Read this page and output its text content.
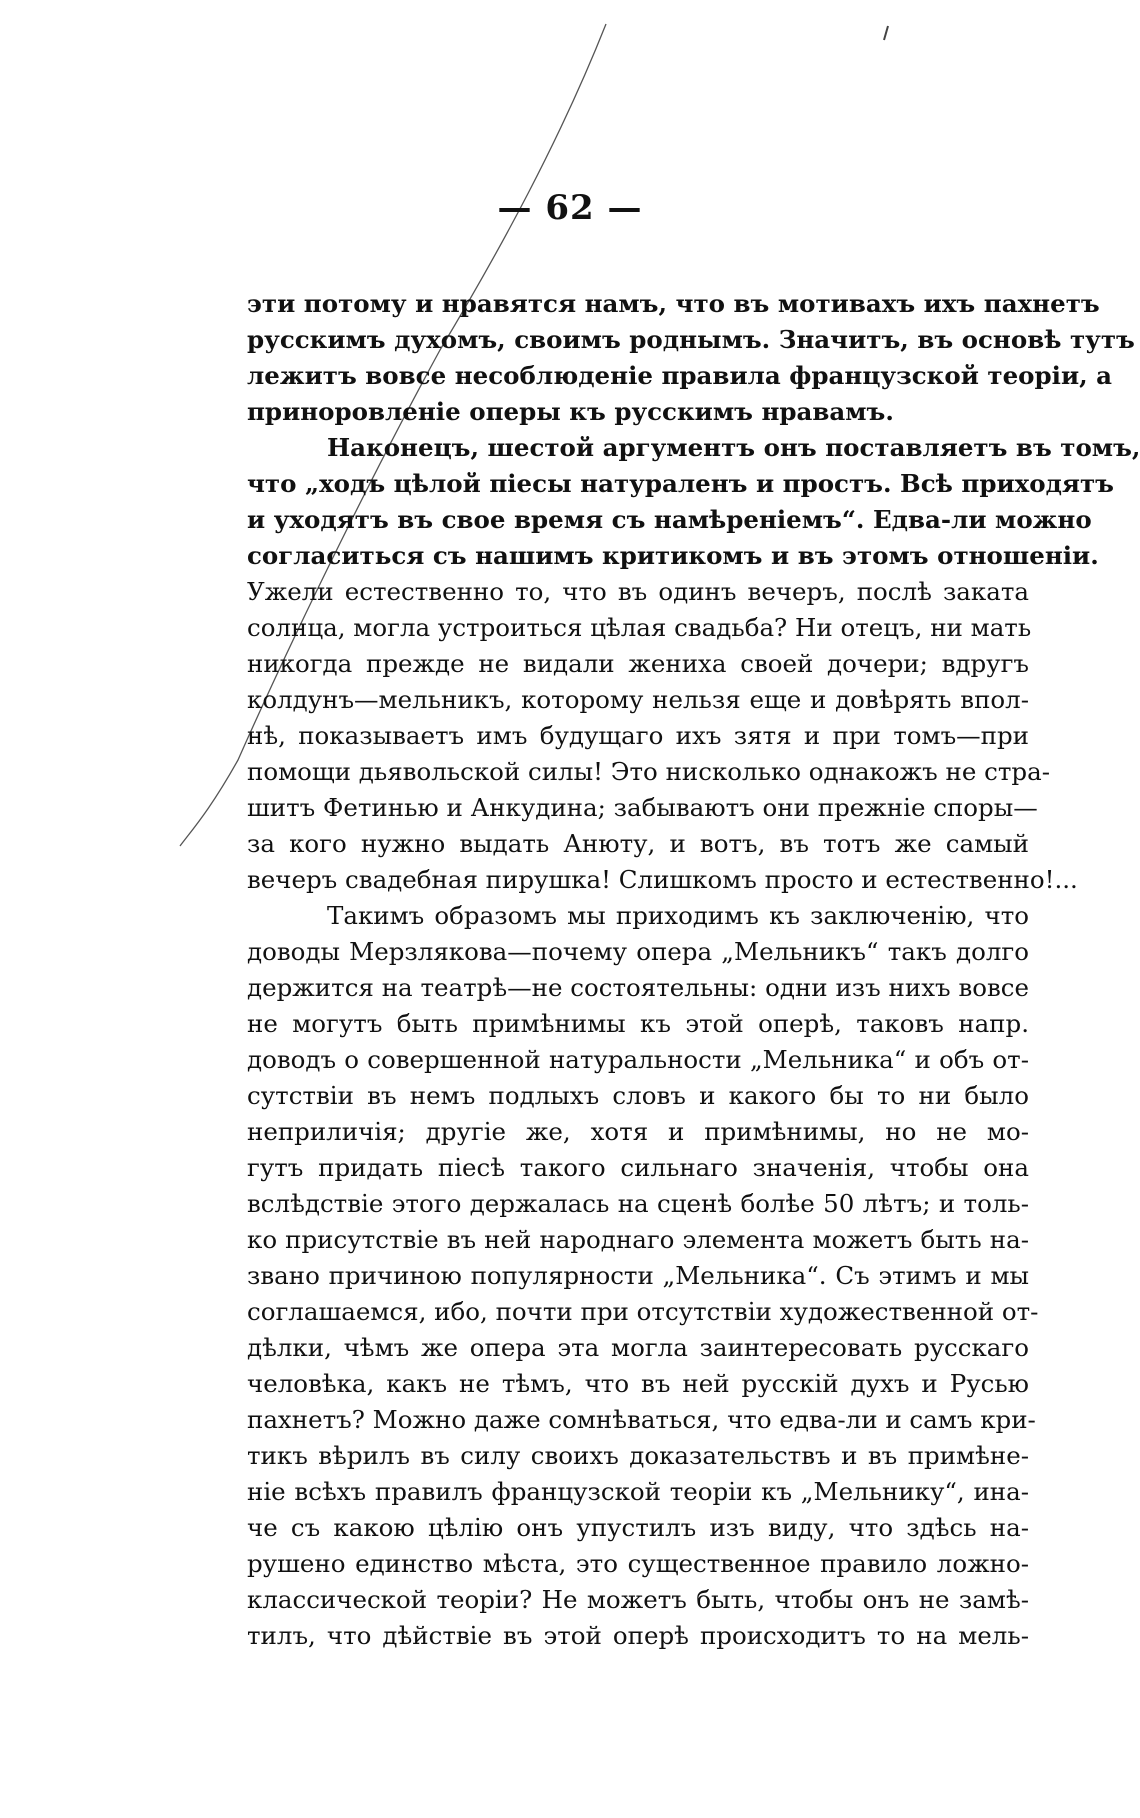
— 62 —
эти потому и нравятся намъ, что въ мотивахъ ихъ пахнетъ
русскимъ духомъ, своимъ роднымъ. Значитъ, въ основѣ тутъ
лежитъ вовсе несоблюденіе правила французской теоріи, а
приноровленіе оперы къ русскимъ нравамъ.
Наконецъ, шестой аргументъ онъ поставляетъ въ томъ,
что „ходъ цѣлой піесы натураленъ и простъ. Всѣ приходятъ
и уходятъ въ свое время съ намѣреніемъ“. Едва-ли можно
согласиться съ нашимъ критикомъ и въ этомъ отношеніи.
Ужели естественно то, что въ одинъ вечеръ, послѣ заката
солнца, могла устроиться цѣлая свадьба? Ни отецъ, ни мать
никогда прежде не видали жениха своей дочери; вдругъ
колдунъ—мельникъ, которому нельзя еще и довѣрять впол-
нѣ, показываетъ имъ будущаго ихъ зятя и при томъ—при
помощи дьявольской силы! Это нисколько однакожъ не стра-
шитъ Фетинью и Анкудина; забываютъ они прежніе споры—
за кого нужно выдать Анюту, и вотъ, въ тотъ же самый
вечеръ свадебная пирушка! Слишкомъ просто и естественно!...
Такимъ образомъ мы приходимъ къ заключенію, что
доводы Мерзлякова—почему опера „Мельникъ“ такъ долго
держится на театрѣ—не состоятельны: одни изъ нихъ вовсе
не могутъ быть примѣнимы къ этой оперѣ, таковъ напр.
доводъ о совершенной натуральности „Мельника“ и объ от-
сутствіи въ немъ подлыхъ словъ и какого бы то ни было
неприличія; другіе же, хотя и примѣнимы, но не мо-
гутъ придать піесѣ такого сильнаго значенія, чтобы она
вслѣдствіе этого держалась на сценѣ болѣе 50 лѣтъ; и толь-
ко присутствіе въ ней народнаго элемента можетъ быть на-
звано причиною популярности „Мельника“. Съ этимъ и мы
соглашаемся, ибо, почти при отсутствіи художественной от-
дѣлки, чѣмъ же опера эта могла заинтересовать русскаго
человѣка, какъ не тѣмъ, что въ ней русскій духъ и Русью
пахнетъ? Можно даже сомнѣваться, что едва-ли и самъ кри-
тикъ вѣрилъ въ силу своихъ доказательствъ и въ примѣне-
ніе всѣхъ правилъ французской теоріи къ „Мельнику“, ина-
че съ какою цѣлію онъ упустилъ изъ виду, что здѣсь на-
рушено единство мѣста, это существенное правило ложно-
классической теоріи? Не можетъ быть, чтобы онъ не замѣ-
тилъ, что дѣйствіе въ этой оперѣ происходитъ то на мель-
